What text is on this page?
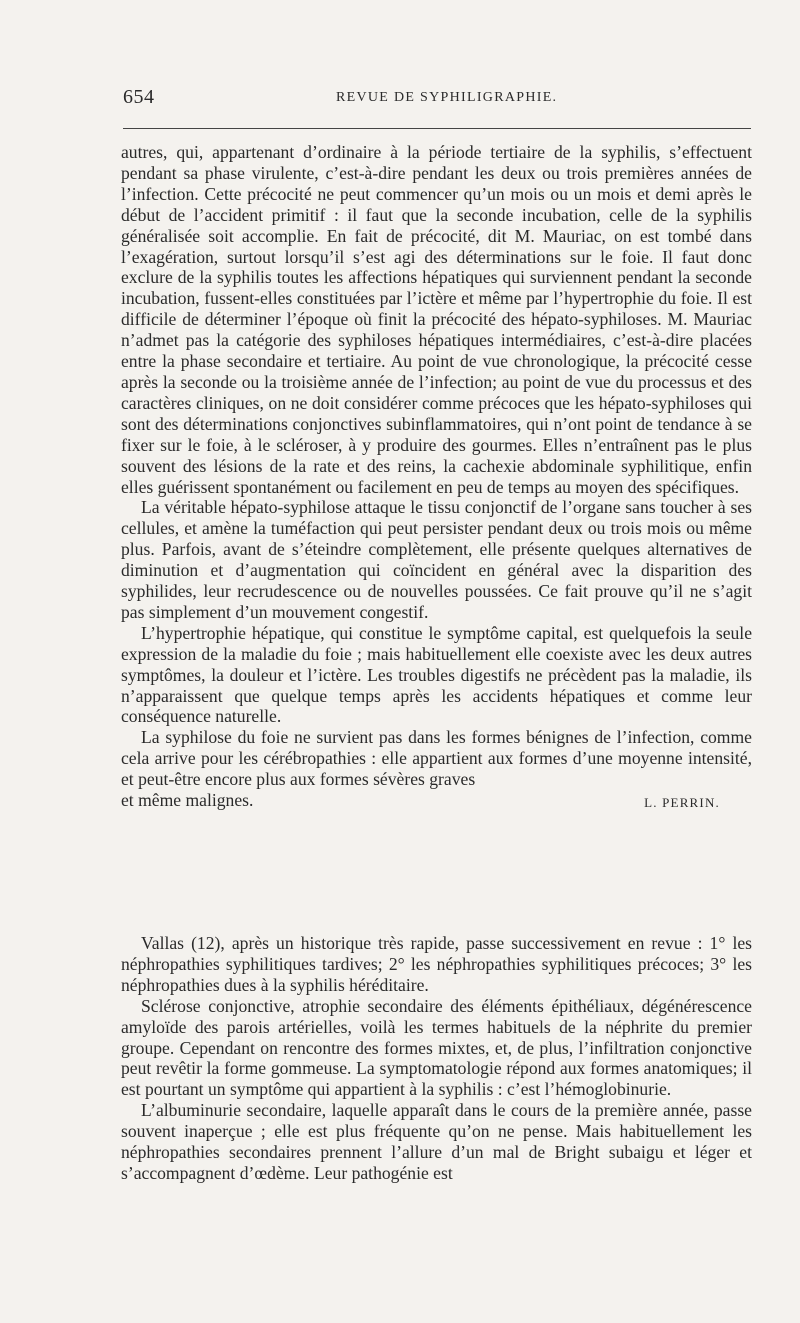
654	REVUE DE SYPHILIGRAPHIE.

autres, qui, appartenant d’ordinaire à la période tertiaire de la syphilis, s’effectuent pendant sa phase virulente, c’est-à-dire pendant les deux ou trois premières années de l’infection. Cette précocité ne peut commencer qu’un mois ou un mois et demi après le début de l’accident primitif : il faut que la seconde incubation, celle de la syphilis généralisée soit accomplie. En fait de précocité, dit M. Mauriac, on est tombé dans l’exagération, surtout lorsqu’il s’est agi des déterminations sur le foie. Il faut donc exclure de la syphilis toutes les affections hépatiques qui surviennent pendant la seconde incubation, fussent-elles constituées par l’ictère et même par l’hypertrophie du foie. Il est difficile de déterminer l’époque où finit la précocité des hépato-syphiloses. M. Mauriac n’admet pas la catégorie des syphiloses hépatiques intermédiaires, c’est-à-dire placées entre la phase secondaire et tertiaire. Au point de vue chronologique, la précocité cesse après la seconde ou la troisième année de l’infection; au point de vue du processus et des caractères cliniques, on ne doit considérer comme précoces que les hépato-syphiloses qui sont des déterminations conjonctives subinflammatoires, qui n’ont point de tendance à se fixer sur le foie, à le scléroser, à y produire des gourmes. Elles n’entraînent pas le plus souvent des lésions de la rate et des reins, la cachexie abdominale syphilitique, enfin elles guérissent spontanément ou facilement en peu de temps au moyen des spécifiques.

La véritable hépato-syphilose attaque le tissu conjonctif de l’organe sans toucher à ses cellules, et amène la tuméfaction qui peut persister pendant deux ou trois mois ou même plus. Parfois, avant de s’éteindre complètement, elle présente quelques alternatives de diminution et d’augmentation qui coïncident en général avec la disparition des syphilides, leur recrudescence ou de nouvelles poussées. Ce fait prouve qu’il ne s’agit pas simplement d’un mouvement congestif.

L’hypertrophie hépatique, qui constitue le symptôme capital, est quelquefois la seule expression de la maladie du foie ; mais habituellement elle coexiste avec les deux autres symptômes, la douleur et l’ictère. Les troubles digestifs ne précèdent pas la maladie, ils n’apparaissent que quelque temps après les accidents hépatiques et comme leur conséquence naturelle.

La syphilose du foie ne survient pas dans les formes bénignes de l’infection, comme cela arrive pour les cérébropathies : elle appartient aux formes d’une moyenne intensité, et peut-être encore plus aux formes sévères graves

et même malignes.	L. PERRIN.

Vallas (12), après un historique très rapide, passe successivement en revue : 1° les néphropathies syphilitiques tardives; 2° les néphropathies syphilitiques précoces; 3° les néphropathies dues à la syphilis héréditaire.

Sclérose conjonctive, atrophie secondaire des éléments épithéliaux, dégénérescence amyloïde des parois artérielles, voilà les termes habituels de la néphrite du premier groupe. Cependant on rencontre des formes mixtes, et, de plus, l’infiltration conjonctive peut revêtir la forme gommeuse. La symptomatologie répond aux formes anatomiques; il est pourtant un symptôme qui appartient à la syphilis : c’est l’hémoglobinurie.

L’albuminurie secondaire, laquelle apparaît dans le cours de la première année, passe souvent inaperçue ; elle est plus fréquente qu’on ne pense. Mais habituellement les néphropathies secondaires prennent l’allure d’un mal de Bright subaigu et léger et s’accompagnent d’œdème. Leur pathogénie est
